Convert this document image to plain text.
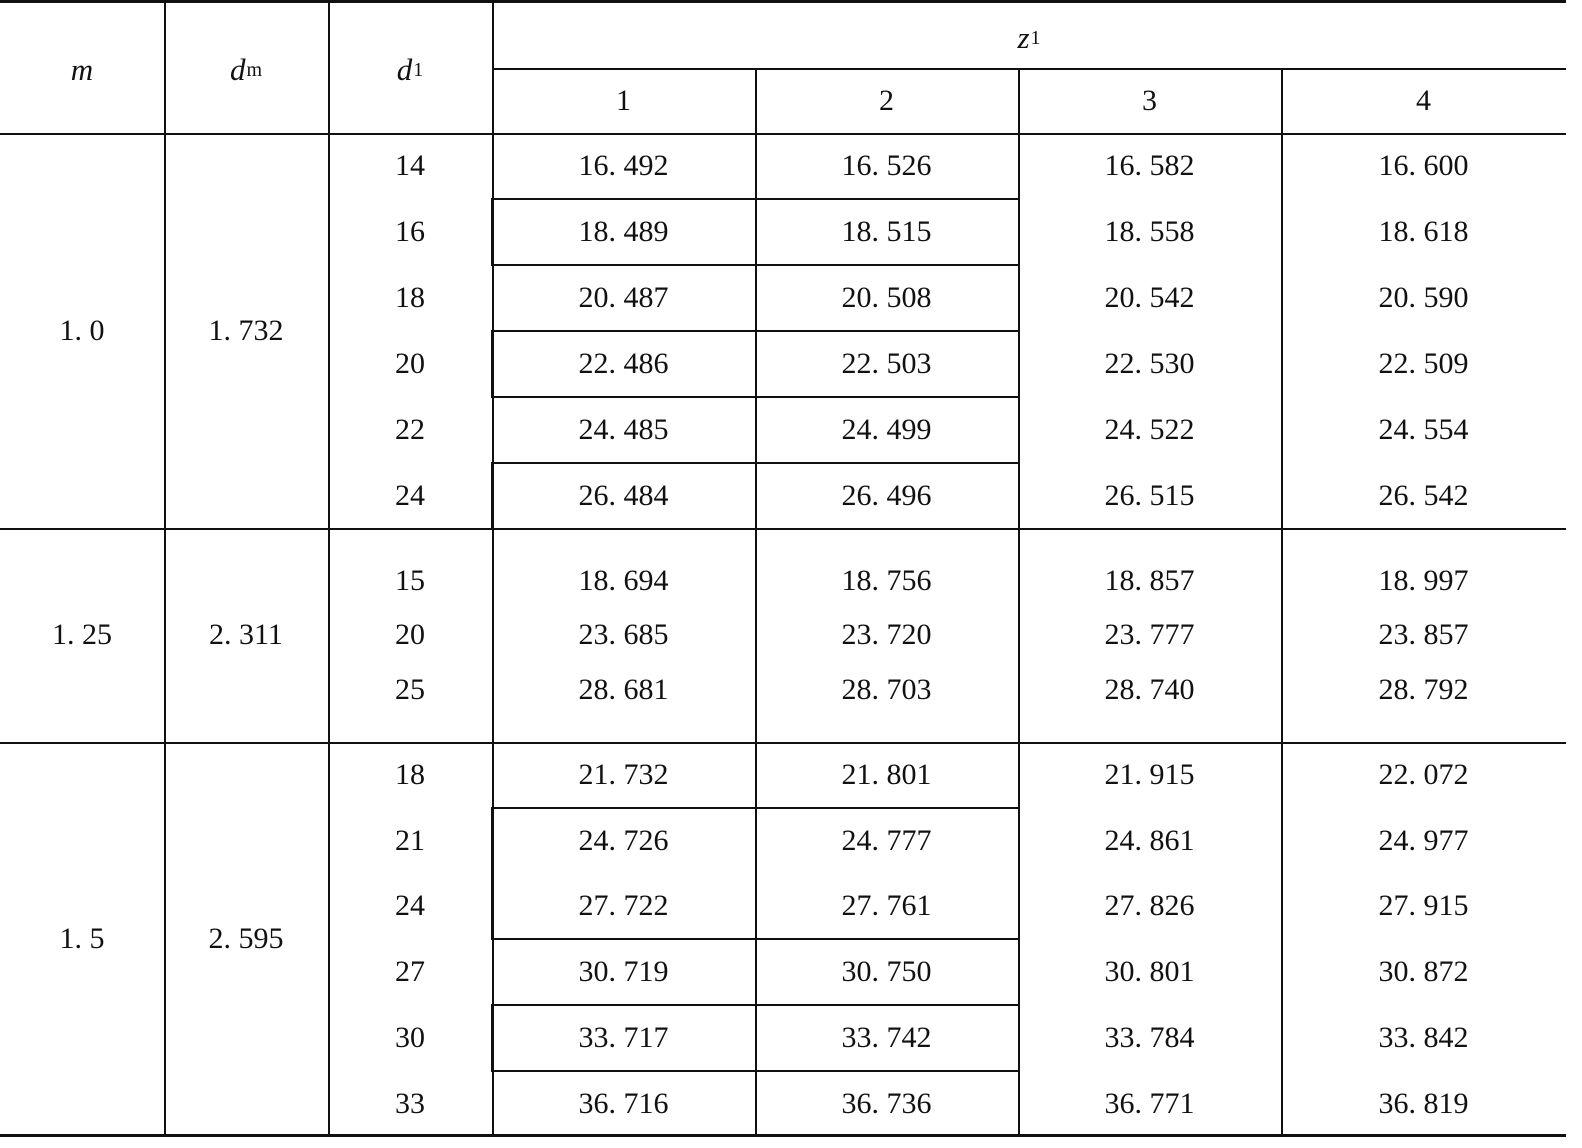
m	d m	d 1
z 1
1	2	3	4
1. 0	1. 732
14	16. 492	16. 526	16. 582	16. 600
16	18. 489	18. 515	18. 558	18. 618
18	20. 487	20. 508	20. 542	20. 590
20	22. 486	22. 503	22. 530	22. 509
22	24. 485	24. 499	24. 522	24. 554
24	26. 484	26. 496	26. 515	26. 542
1. 25	2. 311
15	18. 694	18. 756	18. 857	18. 997
20	23. 685	23. 720	23. 777	23. 857
25	28. 681	28. 703	28. 740	28. 792
1. 5	2. 595
18	21. 732	21. 801	21. 915	22. 072
21	24. 726	24. 777	24. 861	24. 977
24	27. 722	27. 761	27. 826	27. 915
27	30. 719	30. 750	30. 801	30. 872
30	33. 717	33. 742	33. 784	33. 842
33	36. 716	36. 736	36. 771	36. 819
